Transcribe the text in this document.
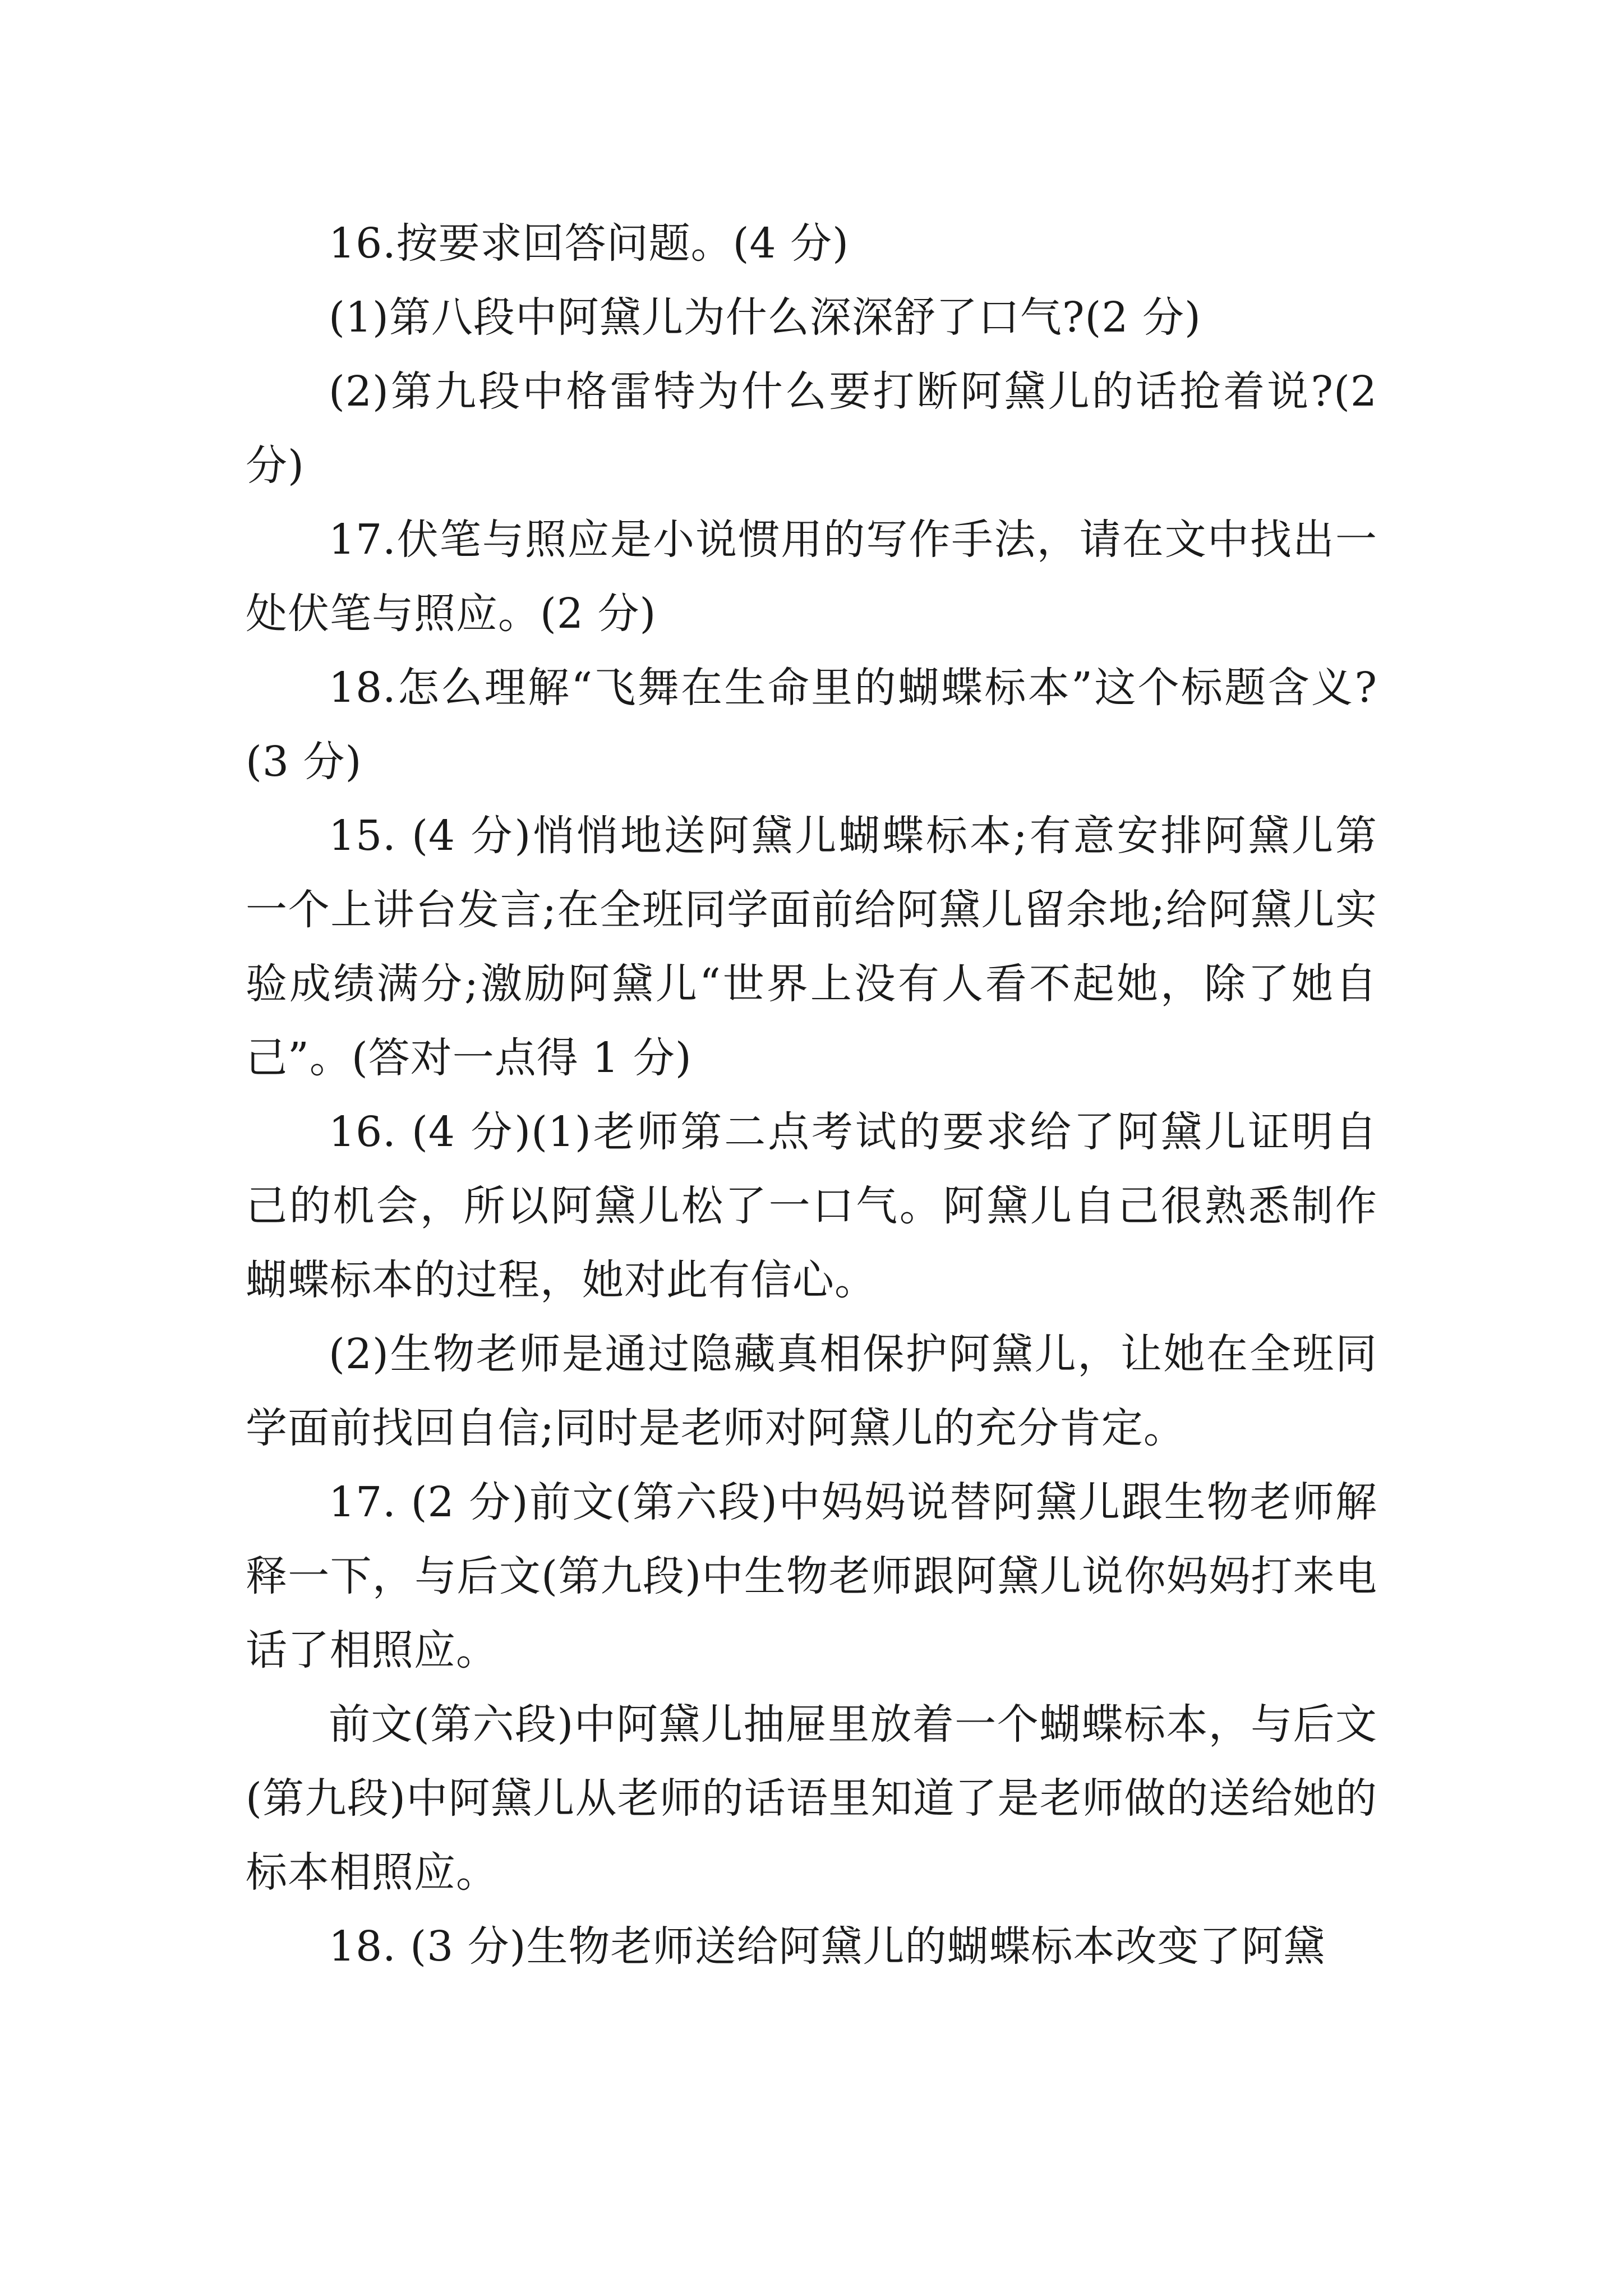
16.按要求回答问题。(4 分)

(1)第八段中阿黛儿为什么深深舒了口气?(2 分)

(2)第九段中格雷特为什么要打断阿黛儿的话抢着说?(2 分)

17.伏笔与照应是小说惯用的写作手法，请在文中找出一处伏笔与照应。(2 分)

18.怎么理解“飞舞在生命里的蝴蝶标本”这个标题含义?(3 分)

15. (4 分)悄悄地送阿黛儿蝴蝶标本;有意安排阿黛儿第一个上讲台发言;在全班同学面前给阿黛儿留余地;给阿黛儿实验成绩满分;激励阿黛儿“世界上没有人看不起她，除了她自己”。(答对一点得 1 分)

16. (4 分)(1)老师第二点考试的要求给了阿黛儿证明自己的机会，所以阿黛儿松了一口气。阿黛儿自己很熟悉制作蝴蝶标本的过程，她对此有信心。

(2)生物老师是通过隐藏真相保护阿黛儿，让她在全班同学面前找回自信;同时是老师对阿黛儿的充分肯定。

17. (2 分)前文(第六段)中妈妈说替阿黛儿跟生物老师解释一下，与后文(第九段)中生物老师跟阿黛儿说你妈妈打来电话了相照应。

前文(第六段)中阿黛儿抽屉里放着一个蝴蝶标本，与后文(第九段)中阿黛儿从老师的话语里知道了是老师做的送给她的标本相照应。

18. (3 分)生物老师送给阿黛儿的蝴蝶标本改变了阿黛
